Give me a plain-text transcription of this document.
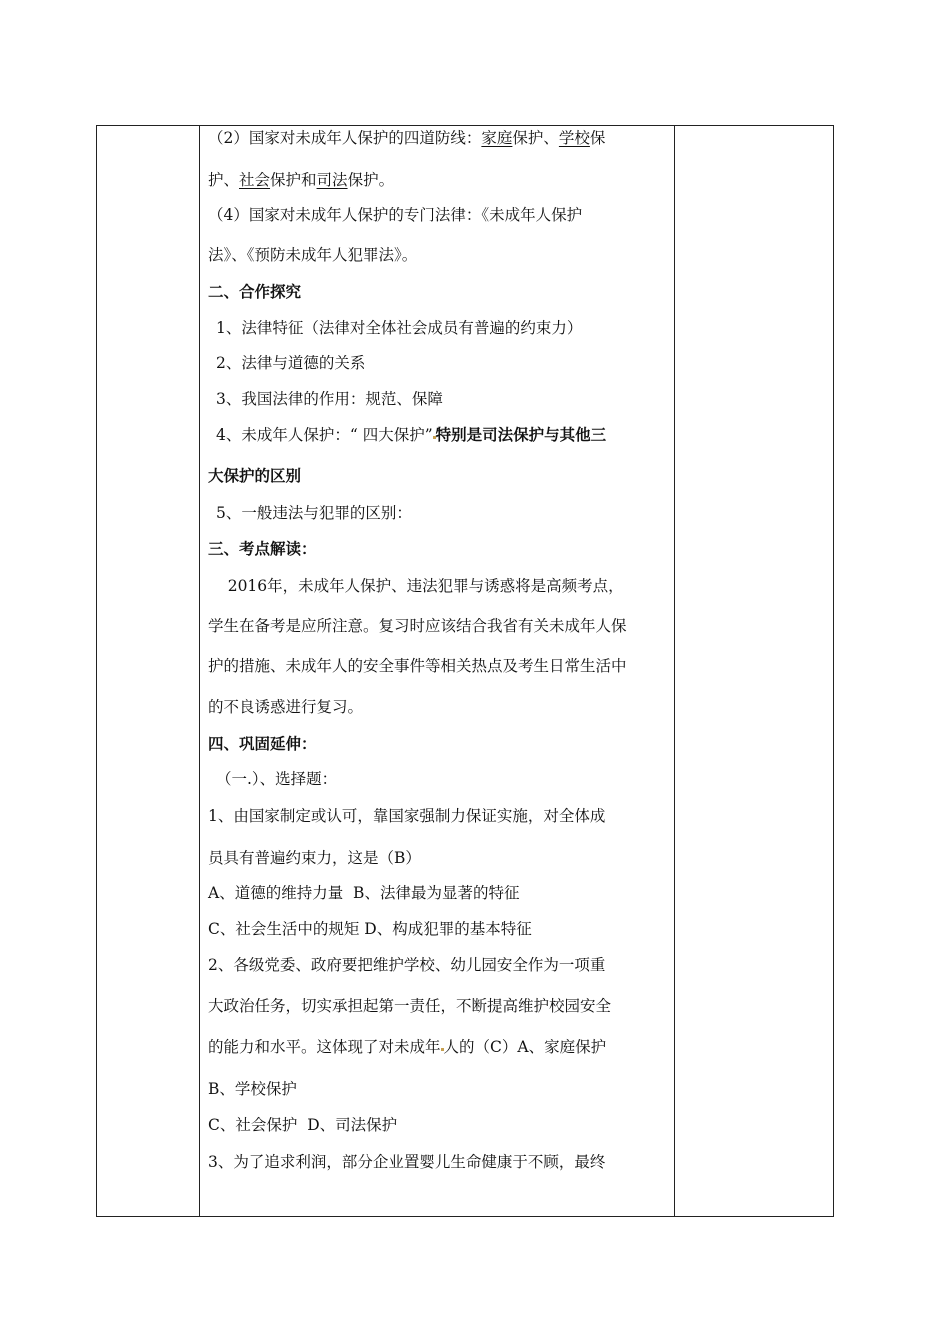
（2）国家对未成年人保护的四道防线：家庭保护、学校保
护、社会保护和司法保护。
（4）国家对未成年人保护的专门法律：《未成年人保护
法》、《预防未成年人犯罪法》。
二、合作探究
1、法律特征（法律对全体社会成员有普遍的约束力）
2、法律与道德的关系
3、我国法律的作用：规范、保障
4、未成年人保护：“ 四大保护” 特别是司法保护与其他三
大保护的区别
5、一般违法与犯罪的区别：
三、考点解读：
2016年，未成年人保护、违法犯罪与诱惑将是高频考点，
学生在备考是应所注意。复习时应该结合我省有关未成年人保
护的措施、未成年人的安全事件等相关热点及考生日常生活中
的不良诱惑进行复习。
四、巩固延伸：
（一.）、选择题：
1、由国家制定或认可，靠国家强制力保证实施，对全体成
员具有普遍约束力，这是（B）
A、道德的维持力量  B、法律最为显著的特征
C、社会生活中的规矩 D、构成犯罪的基本特征
2、各级党委、政府要把维护学校、幼儿园安全作为一项重
大政治任务，切实承担起第一责任，不断提高维护校园安全
的能力和水平。这体现了对未成年 人的（C）A、家庭保护
B、学校保护
C、社会保护  D、司法保护
3、为了追求利润，部分企业置婴儿生命健康于不顾，最终
